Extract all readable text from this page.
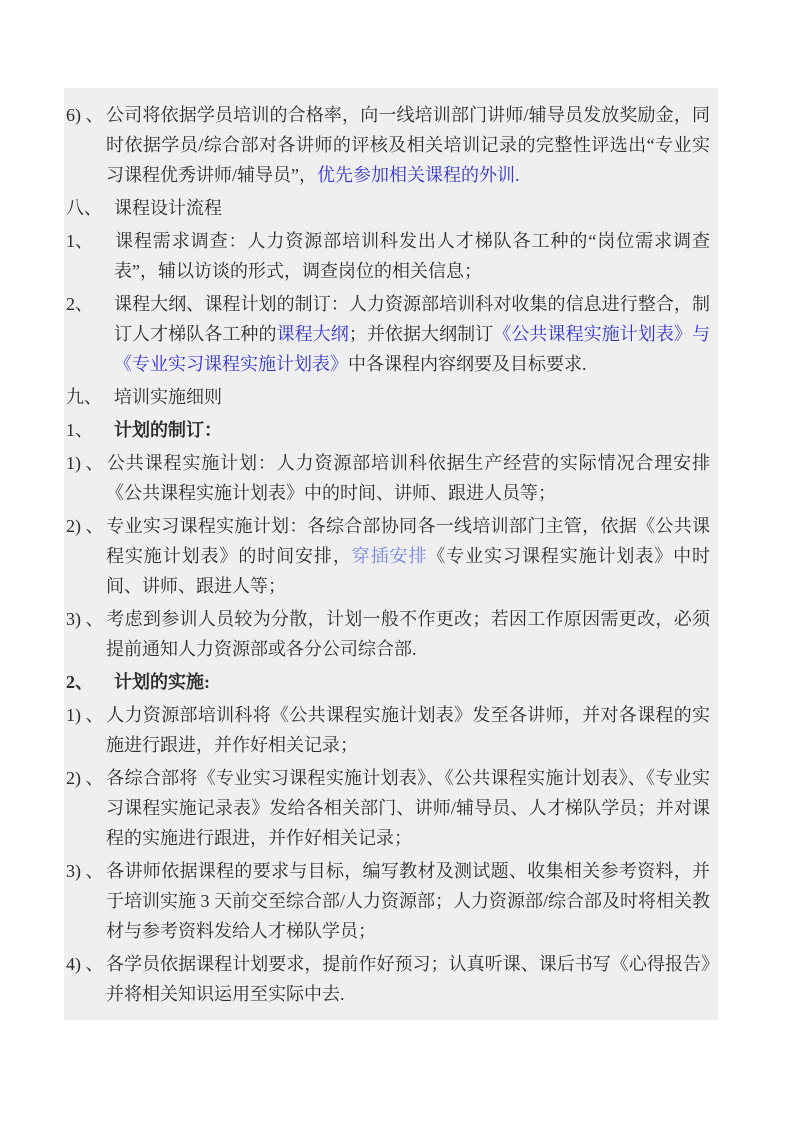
6) 、 公司将依据学员培训的合格率，向一线培训部门讲师/辅导员发放奖励金，同时依据学员/综合部对各讲师的评核及相关培训记录的完整性评选出“专业实习课程优秀讲师/辅导员”，优先参加相关课程的外训.
八、 课程设计流程
1、 课程需求调查：人力资源部培训科发出人才梯队各工种的“岗位需求调查表”，辅以访谈的形式，调查岗位的相关信息；
2、 课程大纲、课程计划的制订：人力资源部培训科对收集的信息进行整合，制订人才梯队各工种的课程大纲；并依据大纲制订《公共课程实施计划表》与《专业实习课程实施计划表》中各课程内容纲要及目标要求.
九、 培训实施细则
1、 计划的制订：
1) 、 公共课程实施计划：人力资源部培训科依据生产经营的实际情况合理安排《公共课程实施计划表》中的时间、讲师、跟进人员等；
2) 、 专业实习课程实施计划：各综合部协同各一线培训部门主管，依据《公共课程实施计划表》的时间安排，穿插安排《专业实习课程实施计划表》中时间、讲师、跟进人等；
3) 、 考虑到参训人员较为分散，计划一般不作更改；若因工作原因需更改，必须提前通知人力资源部或各分公司综合部.
2、 计划的实施:
1) 、 人力资源部培训科将《公共课程实施计划表》发至各讲师，并对各课程的实施进行跟进，并作好相关记录；
2) 、 各综合部将《专业实习课程实施计划表》、《公共课程实施计划表》、《专业实习课程实施记录表》发给各相关部门、讲师/辅导员、人才梯队学员；并对课程的实施进行跟进，并作好相关记录；
3) 、 各讲师依据课程的要求与目标，编写教材及测试题、收集相关参考资料，并于培训实施 3 天前交至综合部/人力资源部；人力资源部/综合部及时将相关教材与参考资料发给人才梯队学员；
4) 、 各学员依据课程计划要求，提前作好预习；认真听课、课后书写《心得报告》并将相关知识运用至实际中去.
